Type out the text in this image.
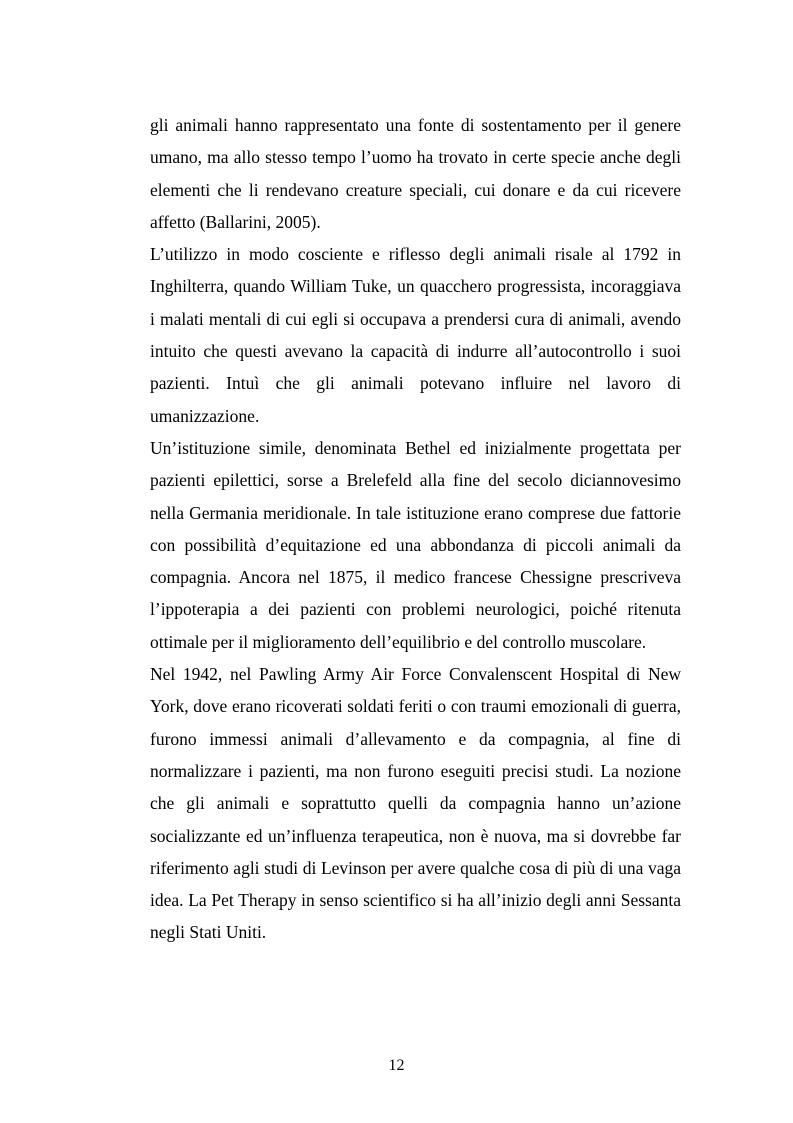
gli animali hanno rappresentato una fonte di sostentamento per il genere umano, ma allo stesso tempo l’uomo ha trovato in certe specie anche degli elementi che li rendevano creature speciali, cui donare e da cui ricevere affetto (Ballarini, 2005).

L’utilizzo in modo cosciente e riflesso degli animali risale al 1792 in Inghilterra, quando William Tuke, un quacchero progressista, incoraggiava i malati mentali di cui egli si occupava a prendersi cura di animali, avendo intuito che questi avevano la capacità di indurre all’autocontrollo i suoi pazienti. Intuì che gli animali potevano influire nel lavoro di umanizzazione.

Un’istituzione simile, denominata Bethel ed inizialmente progettata per pazienti epilettici, sorse a Brelefeld alla fine del secolo diciannovesimo nella Germania meridionale. In tale istituzione erano comprese due fattorie con possibilità d’equitazione ed una abbondanza di piccoli animali da compagnia. Ancora nel 1875, il medico francese Chessigne prescriveva l’ippoterapia a dei pazienti con problemi neurologici, poiché ritenuta ottimale per il miglioramento dell’equilibrio e del controllo muscolare.

Nel 1942, nel Pawling Army Air Force Convalenscent Hospital di New York, dove erano ricoverati soldati feriti o con traumi emozionali di guerra, furono immessi animali d’allevamento e da compagnia, al fine di normalizzare i pazienti, ma non furono eseguiti precisi studi. La nozione che gli animali e soprattutto quelli da compagnia hanno un’azione socializzante ed un’influenza terapeutica, non è nuova, ma si dovrebbe far riferimento agli studi di Levinson per avere qualche cosa di più di una vaga idea. La Pet Therapy in senso scientifico si ha all’inizio degli anni Sessanta negli Stati Uniti.

12
